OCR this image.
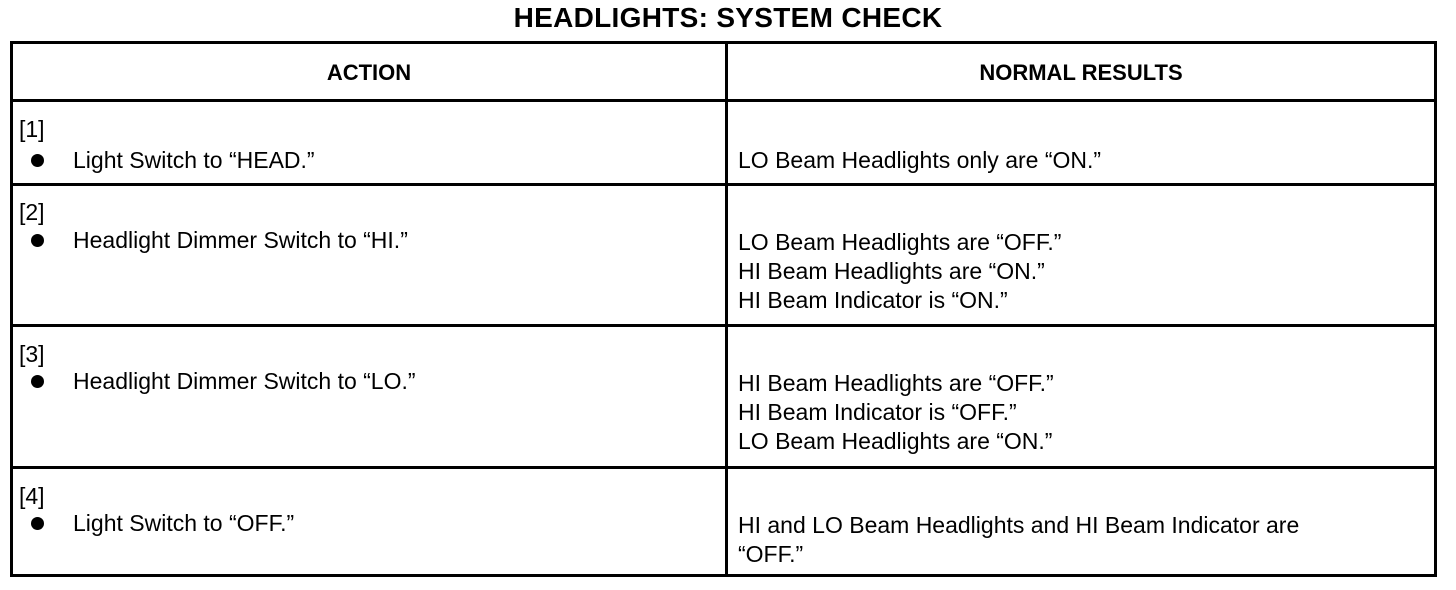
HEADLIGHTS: SYSTEM CHECK
ACTION	NORMAL RESULTS
[1]
Light Switch to “HEAD.”	LO Beam Headlights only are “ON.”
[2]
Headlight Dimmer Switch to “HI.”	LO Beam Headlights are “OFF.”
HI Beam Headlights are “ON.”
HI Beam Indicator is “ON.”
[3]
Headlight Dimmer Switch to “LO.”	HI Beam Headlights are “OFF.”
HI Beam Indicator is “OFF.”
LO Beam Headlights are “ON.”
[4]
Light Switch to “OFF.”	HI and LO Beam Headlights and HI Beam Indicator are
“OFF.”
